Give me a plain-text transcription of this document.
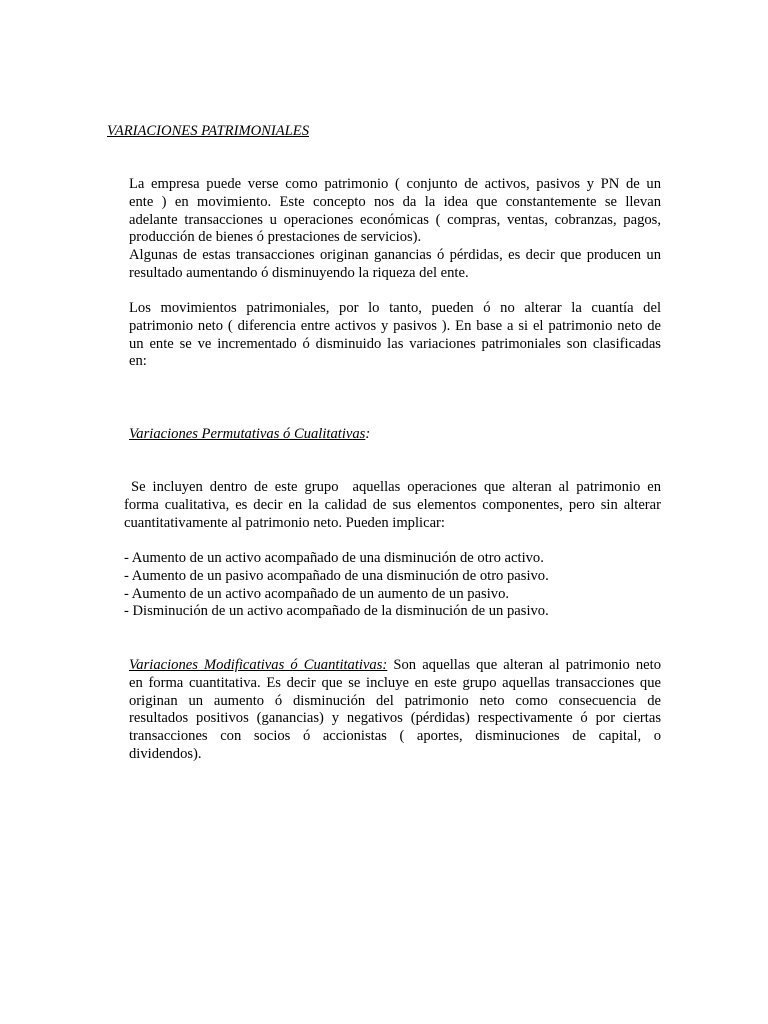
VARIACIONES PATRIMONIALES
La empresa puede verse como patrimonio ( conjunto de activos, pasivos y PN de un
ente ) en movimiento. Este concepto nos da la idea que constantemente se llevan
adelante transacciones u operaciones económicas ( compras, ventas, cobranzas, pagos,
producción de bienes ó prestaciones de servicios).
Algunas de estas transacciones originan ganancias ó pérdidas, es decir que producen un
resultado aumentando ó disminuyendo la riqueza del ente.
Los movimientos patrimoniales, por lo tanto, pueden ó no alterar la cuantía del
patrimonio neto ( diferencia entre activos y pasivos ). En base a si el patrimonio neto de
un ente se ve incrementado ó disminuido las variaciones patrimoniales son clasificadas
en:
Variaciones Permutativas ó Cualitativas:
Se incluyen dentro de este grupo  aquellas operaciones que alteran al patrimonio en
forma cualitativa, es decir en la calidad de sus elementos componentes, pero sin alterar
cuantitativamente al patrimonio neto. Pueden implicar:
- Aumento de un activo acompañado de una disminución de otro activo.
- Aumento de un pasivo acompañado de una disminución de otro pasivo.
- Aumento de un activo acompañado de un aumento de un pasivo.
- Disminución de un activo acompañado de la disminución de un pasivo.
Variaciones Modificativas ó Cuantitativas: Son aquellas que alteran al patrimonio neto
en forma cuantitativa. Es decir que se incluye en este grupo aquellas transacciones que
originan un aumento ó disminución del patrimonio neto como consecuencia de
resultados positivos (ganancias) y negativos (pérdidas) respectivamente ó por ciertas
transacciones con socios ó accionistas ( aportes, disminuciones de capital, o
dividendos).
